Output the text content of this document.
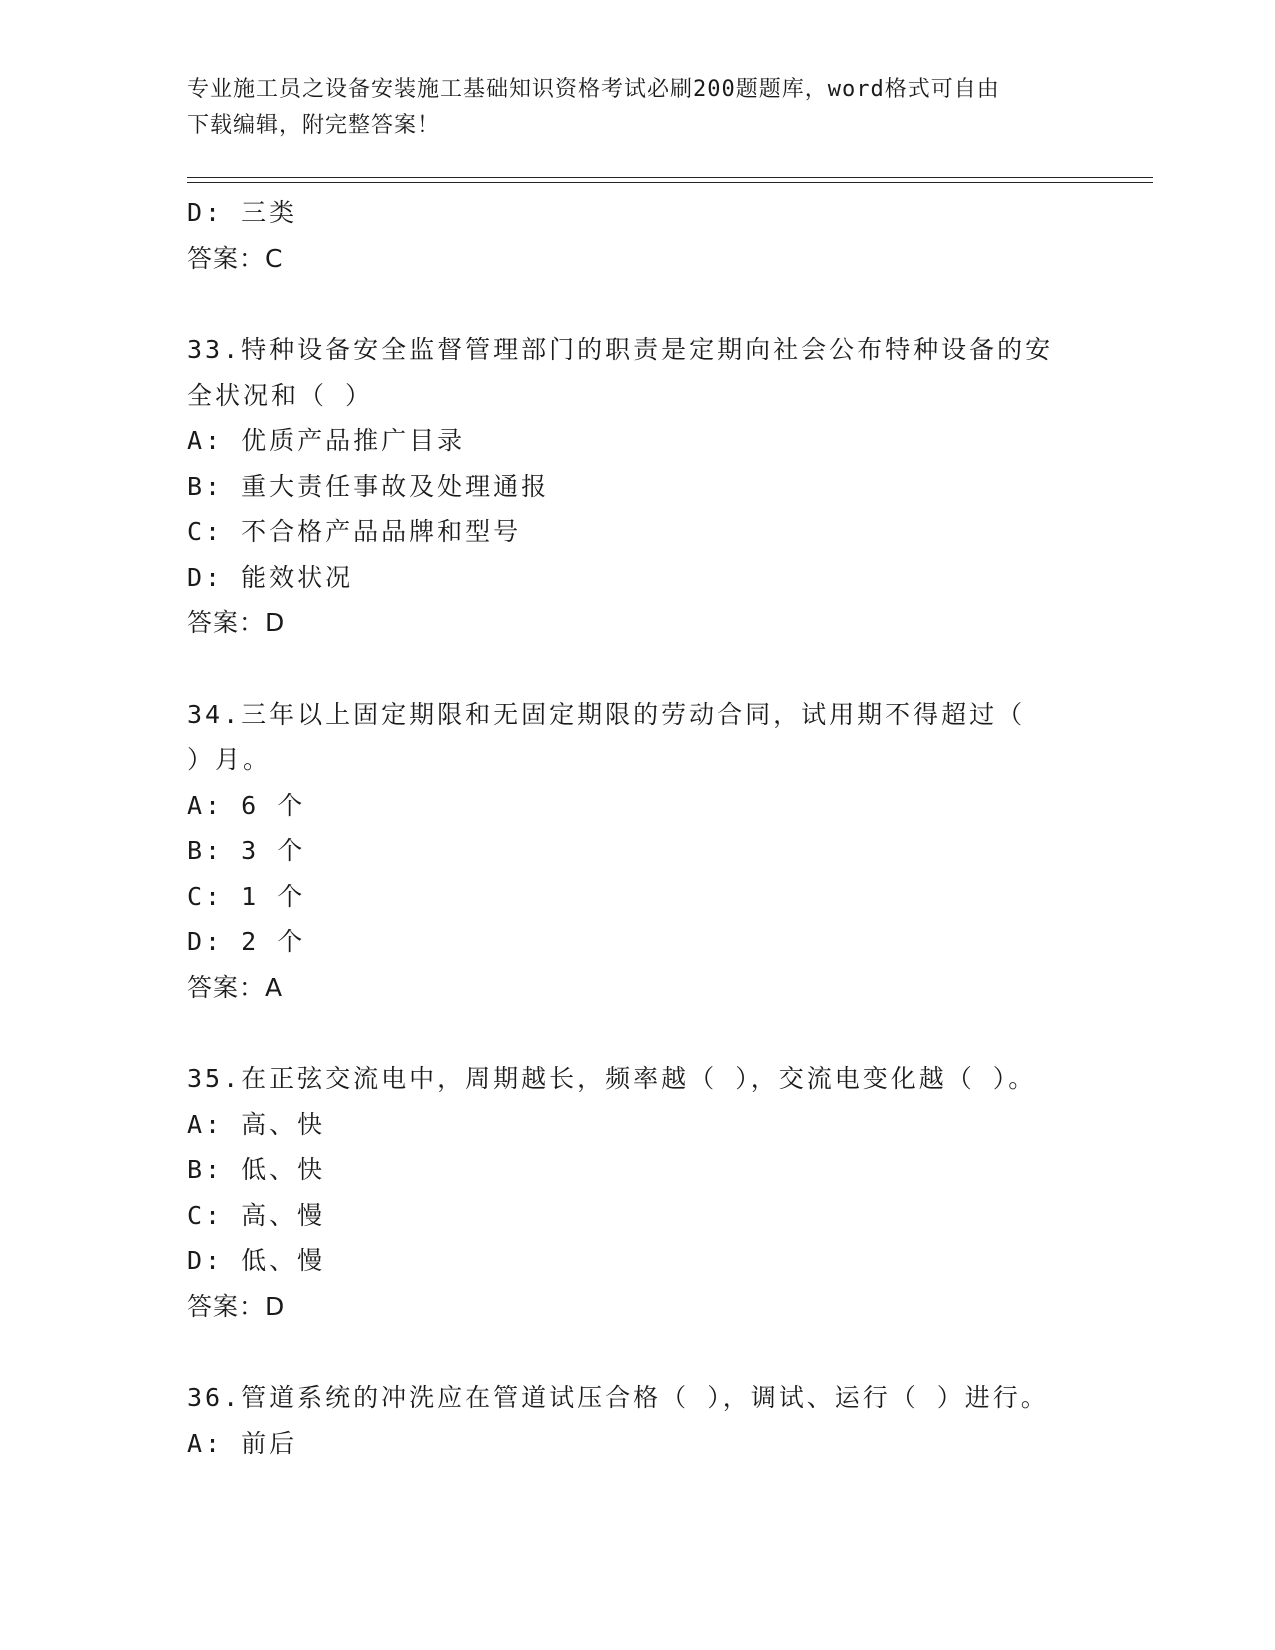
专业施工员之设备安装施工基础知识资格考试必刷200题题库，word格式可自由
下载编辑，附完整答案！
D: 三类
答案：C
33.特种设备安全监督管理部门的职责是定期向社会公布特种设备的安
全状况和（ ）
A: 优质产品推广目录
B: 重大责任事故及处理通报
C: 不合格产品品牌和型号
D: 能效状况
答案：D
34.三年以上固定期限和无固定期限的劳动合同，试用期不得超过（
）月。
A: 6 个
B: 3 个
C: 1 个
D: 2 个
答案：A
35.在正弦交流电中，周期越长，频率越（ ），交流电变化越（ ）。
A: 高、快
B: 低、快
C: 高、慢
D: 低、慢
答案：D
36.管道系统的冲洗应在管道试压合格（ ），调试、运行（ ）进行。
A: 前后
